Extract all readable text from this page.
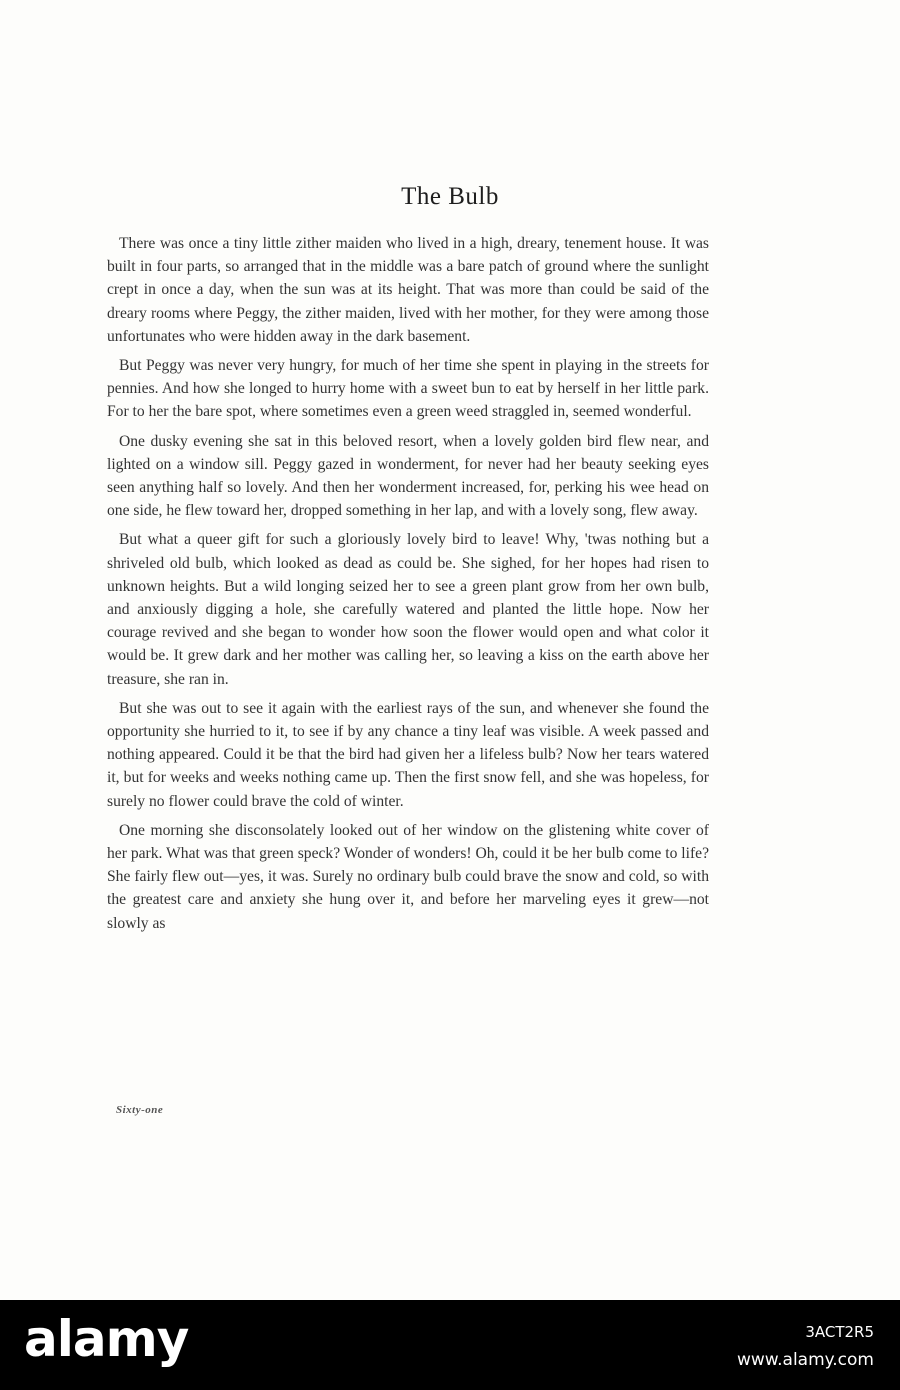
The Bulb

There was once a tiny little zither maiden who lived in a high, dreary, tenement house. It was built in four parts, so arranged that in the middle was a bare patch of ground where the sunlight crept in once a day, when the sun was at its height. That was more than could be said of the dreary rooms where Peggy, the zither maiden, lived with her mother, for they were among those unfortunates who were hidden away in the dark basement.

But Peggy was never very hungry, for much of her time she spent in playing in the streets for pennies. And how she longed to hurry home with a sweet bun to eat by herself in her little park. For to her the bare spot, where sometimes even a green weed straggled in, seemed wonderful.

One dusky evening she sat in this beloved resort, when a lovely golden bird flew near, and lighted on a window sill. Peggy gazed in wonderment, for never had her beauty seeking eyes seen anything half so lovely. And then her wonderment increased, for, perking his wee head on one side, he flew toward her, dropped something in her lap, and with a lovely song, flew away.

But what a queer gift for such a gloriously lovely bird to leave! Why, 'twas nothing but a shriveled old bulb, which looked as dead as could be. She sighed, for her hopes had risen to unknown heights. But a wild longing seized her to see a green plant grow from her own bulb, and anxiously digging a hole, she carefully watered and planted the little hope. Now her courage revived and she began to wonder how soon the flower would open and what color it would be. It grew dark and her mother was calling her, so leaving a kiss on the earth above her treasure, she ran in.

But she was out to see it again with the earliest rays of the sun, and whenever she found the opportunity she hurried to it, to see if by any chance a tiny leaf was visible. A week passed and nothing appeared. Could it be that the bird had given her a lifeless bulb? Now her tears watered it, but for weeks and weeks nothing came up. Then the first snow fell, and she was hopeless, for surely no flower could brave the cold of winter.

One morning she disconsolately looked out of her window on the glistening white cover of her park. What was that green speck? Wonder of wonders! Oh, could it be her bulb come to life? She fairly flew out—yes, it was. Surely no ordinary bulb could brave the snow and cold, so with the greatest care and anxiety she hung over it, and before her marveling eyes it grew—not slowly as

Sixty-one
alamy	3ACT2R5
www.alamy.com
